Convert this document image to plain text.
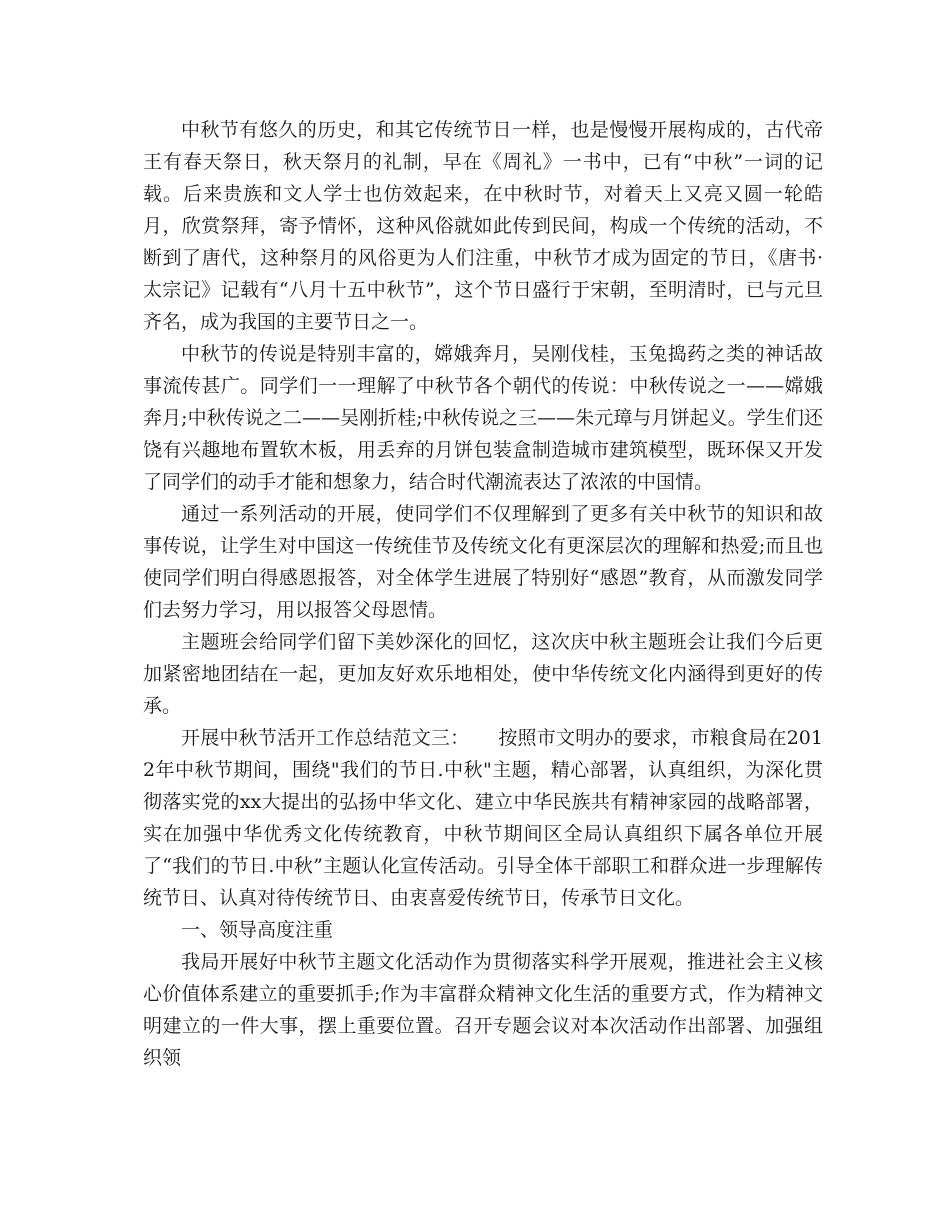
中秋节有悠久的历史，和其它传统节日一样，也是慢慢开展构成的，古代帝王有春天祭日，秋天祭月的礼制，早在《周礼》一书中，已有“中秋”一词的记载。后来贵族和文人学士也仿效起来，在中秋时节，对着天上又亮又圆一轮皓月，欣赏祭拜，寄予情怀，这种风俗就如此传到民间，构成一个传统的活动，不断到了唐代，这种祭月的风俗更为人们注重，中秋节才成为固定的节日，《唐书·太宗记》记载有“八月十五中秋节”，这个节日盛行于宋朝，至明清时，已与元旦齐名，成为我国的主要节日之一。

中秋节的传说是特别丰富的，嫦娥奔月，吴刚伐桂，玉兔捣药之类的神话故事流传甚广。同学们一一理解了中秋节各个朝代的传说：中秋传说之一——嫦娥奔月;中秋传说之二——吴刚折桂;中秋传说之三——朱元璋与月饼起义。学生们还饶有兴趣地布置软木板，用丢弃的月饼包装盒制造城市建筑模型，既环保又开发了同学们的动手才能和想象力，结合时代潮流表达了浓浓的中国情。

通过一系列活动的开展，使同学们不仅理解到了更多有关中秋节的知识和故事传说，让学生对中国这一传统佳节及传统文化有更深层次的理解和热爱;而且也使同学们明白得感恩报答，对全体学生进展了特别好“感恩”教育，从而激发同学们去努力学习，用以报答父母恩情。

主题班会给同学们留下美妙深化的回忆，这次庆中秋主题班会让我们今后更加紧密地团结在一起，更加友好欢乐地相处，使中华传统文化内涵得到更好的传承。

开展中秋节活开工作总结范文三：　　按照市文明办的要求，市粮食局在2012年中秋节期间，围绕"我们的节日.中秋"主题，精心部署，认真组织，为深化贯彻落实党的xx大提出的弘扬中华文化、建立中华民族共有精神家园的战略部署，实在加强中华优秀文化传统教育，中秋节期间区全局认真组织下属各单位开展了“我们的节日.中秋”主题认化宣传活动。引导全体干部职工和群众进一步理解传统节日、认真对待传统节日、由衷喜爱传统节日，传承节日文化。

一、领导高度注重

我局开展好中秋节主题文化活动作为贯彻落实科学开展观，推进社会主义核心价值体系建立的重要抓手;作为丰富群众精神文化生活的重要方式，作为精神文明建立的一件大事，摆上重要位置。召开专题会议对本次活动作出部署、加强组织领
